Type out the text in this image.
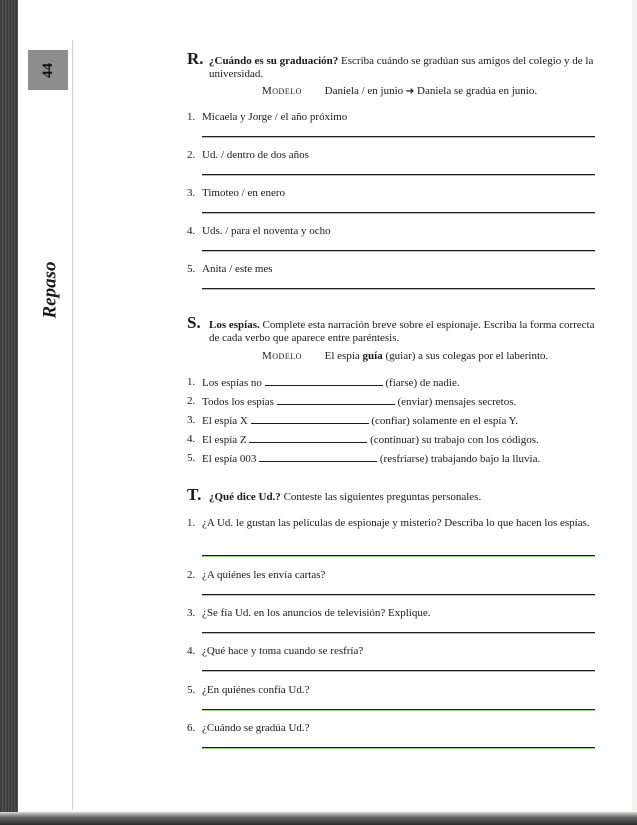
44
Repaso
R. ¿Cuándo es su graduación? Escriba cuándo se gradúan sus amigos del colegio y de la universidad.
Modelo Daniela / en junio ➔ Daniela se gradúa en junio.
1. Micaela y Jorge / el año próximo
2. Ud. / dentro de dos años
3. Timoteo / en enero
4. Uds. / para el noventa y ocho
5. Anita / este mes
S. Los espías. Complete esta narración breve sobre el espionaje. Escriba la forma correcta de cada verbo que aparece entre paréntesis.
Modelo El espía guía (guiar) a sus colegas por el laberinto.
1. Los espías no	(fiarse) de nadie.
2. Todos los espías	(enviar) mensajes secretos.
3. El espía X	(confiar) solamente en el espía Y.
4. El espía Z	(continuar) su trabajo con los códigos.
5. El espía 003	(resfriarse) trabajando bajo la lluvia.
T. ¿Qué dice Ud.? Conteste las siguientes preguntas personales.
1. ¿A Ud. le gustan las películas de espionaje y misterio? Describa lo que hacen los espías.
2. ¿A quiénes les envía cartas?
3. ¿Se fía Ud. en los anuncios de televisión? Explique.
4. ¿Qué hace y toma cuando se resfría?
5. ¿En quiénes confía Ud.?
6. ¿Cuándo se gradúa Ud.?
